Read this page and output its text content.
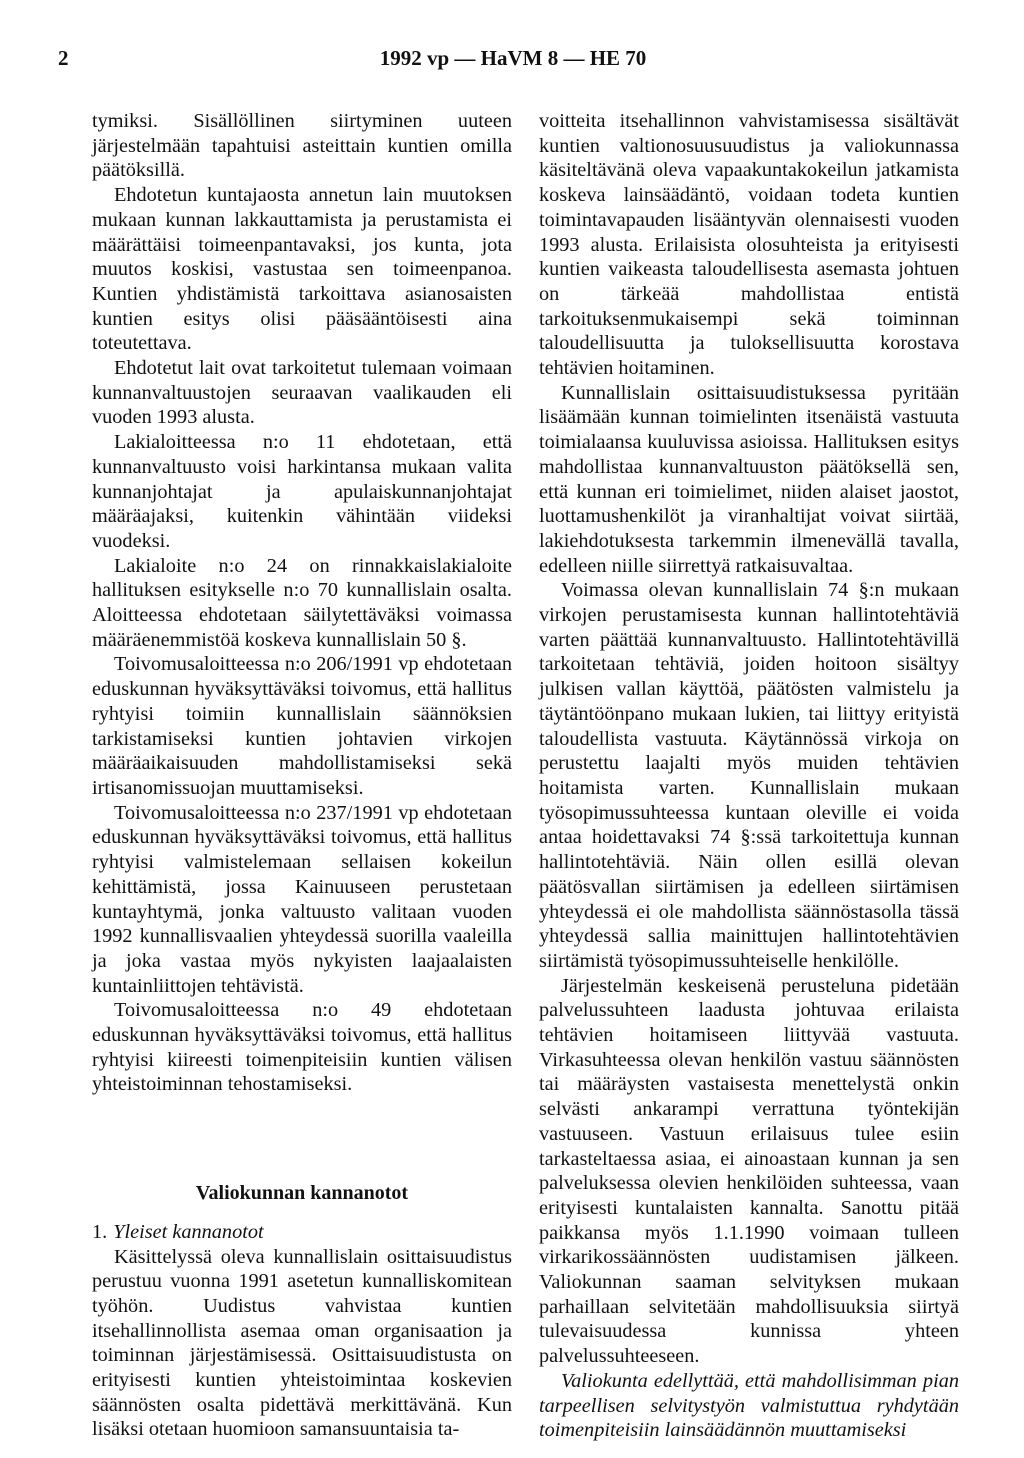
2	1992 vp — HaVM 8 — HE 70

tymiksi. Sisällöllinen siirtyminen uuteen järjestelmään tapahtuisi asteittain kuntien omilla päätöksillä.

Ehdotetun kuntajaosta annetun lain muutoksen mukaan kunnan lakkauttamista ja perustamista ei määrättäisi toimeenpantavaksi, jos kunta, jota muutos koskisi, vastustaa sen toimeenpanoa. Kuntien yhdistämistä tarkoittava asianosaisten kuntien esitys olisi pääsääntöisesti aina toteutettava.

Ehdotetut lait ovat tarkoitetut tulemaan voimaan kunnanvaltuustojen seuraavan vaalikauden eli vuoden 1993 alusta.

Lakialoitteessa n:o 11 ehdotetaan, että kunnanvaltuusto voisi harkintansa mukaan valita kunnanjohtajat ja apulaiskunnanjohtajat määräajaksi, kuitenkin vähintään viideksi vuodeksi.

Lakialoite n:o 24 on rinnakkaislakialoite hallituksen esitykselle n:o 70 kunnallislain osalta. Aloitteessa ehdotetaan säilytettäväksi voimassa määräenemmistöä koskeva kunnallislain 50 §.

Toivomusaloitteessa n:o 206/1991 vp ehdotetaan eduskunnan hyväksyttäväksi toivomus, että hallitus ryhtyisi toimiin kunnallislain säännöksien tarkistamiseksi kuntien johtavien virkojen määräaikaisuuden mahdollistamiseksi sekä irtisanomissuojan muuttamiseksi.

Toivomusaloitteessa n:o 237/1991 vp ehdotetaan eduskunnan hyväksyttäväksi toivomus, että hallitus ryhtyisi valmistelemaan sellaisen kokeilun kehittämistä, jossa Kainuuseen perustetaan kuntayhtymä, jonka valtuusto valitaan vuoden 1992 kunnallisvaalien yhteydessä suorilla vaaleilla ja joka vastaa myös nykyisten laajaalaisten kuntainliittojen tehtävistä.

Toivomusaloitteessa n:o 49 ehdotetaan eduskunnan hyväksyttäväksi toivomus, että hallitus ryhtyisi kiireesti toimenpiteisiin kuntien välisen yhteistoiminnan tehostamiseksi.

Valiokunnan kannanotot

1. Yleiset kannanotot

Käsittelyssä oleva kunnallislain osittaisuudistus perustuu vuonna 1991 asetetun kunnalliskomitean työhön. Uudistus vahvistaa kuntien itsehallinnollista asemaa oman organisaation ja toiminnan järjestämisessä. Osittaisuudistusta on erityisesti kuntien yhteistoimintaa koskevien säännösten osalta pidettävä merkittävänä. Kun lisäksi otetaan huomioon samansuuntaisia ta-

voitteita itsehallinnon vahvistamisessa sisältävät kuntien valtionosuusuudistus ja valiokunnassa käsiteltävänä oleva vapaakuntakokeilun jatkamista koskeva lainsäädäntö, voidaan todeta kuntien toimintavapauden lisääntyvän olennaisesti vuoden 1993 alusta. Erilaisista olosuhteista ja erityisesti kuntien vaikeasta taloudellisesta asemasta johtuen on tärkeää mahdollistaa entistä tarkoituksenmukaisempi sekä toiminnan taloudellisuutta ja tuloksellisuutta korostava tehtävien hoitaminen.

Kunnallislain osittaisuudistuksessa pyritään lisäämään kunnan toimielinten itsenäistä vastuuta toimialaansa kuuluvissa asioissa. Hallituksen esitys mahdollistaa kunnanvaltuuston päätöksellä sen, että kunnan eri toimielimet, niiden alaiset jaostot, luottamushenkilöt ja viranhaltijat voivat siirtää, lakiehdotuksesta tarkemmin ilmenevällä tavalla, edelleen niille siirrettyä ratkaisuvaltaa.

Voimassa olevan kunnallislain 74 §:n mukaan virkojen perustamisesta kunnan hallintotehtäviä varten päättää kunnanvaltuusto. Hallintotehtävillä tarkoitetaan tehtäviä, joiden hoitoon sisältyy julkisen vallan käyttöä, päätösten valmistelu ja täytäntöönpano mukaan lukien, tai liittyy erityistä taloudellista vastuuta. Käytännössä virkoja on perustettu laajalti myös muiden tehtävien hoitamista varten. Kunnallislain mukaan työsopimussuhteessa kuntaan oleville ei voida antaa hoidettavaksi 74 §:ssä tarkoitettuja kunnan hallintotehtäviä. Näin ollen esillä olevan päätösvallan siirtämisen ja edelleen siirtämisen yhteydessä ei ole mahdollista säännöstasolla tässä yhteydessä sallia mainittujen hallintotehtävien siirtämistä työsopimussuhteiselle henkilölle.

Järjestelmän keskeisenä perusteluna pidetään palvelussuhteen laadusta johtuvaa erilaista tehtävien hoitamiseen liittyvää vastuuta. Virkasuhteessa olevan henkilön vastuu säännösten tai määräysten vastaisesta menettelystä onkin selvästi ankarampi verrattuna työntekijän vastuuseen. Vastuun erilaisuus tulee esiin tarkasteltaessa asiaa, ei ainoastaan kunnan ja sen palveluksessa olevien henkilöiden suhteessa, vaan erityisesti kuntalaisten kannalta. Sanottu pitää paikkansa myös 1.1.1990 voimaan tulleen virkarikossäännösten uudistamisen jälkeen. Valiokunnan saaman selvityksen mukaan parhaillaan selvitetään mahdollisuuksia siirtyä tulevaisuudessa kunnissa yhteen palvelussuhteeseen.

Valiokunta edellyttää, että mahdollisimman pian tarpeellisen selvitystyön valmistuttua ryhdytään toimenpiteisiin lainsäädännön muuttamiseksi
